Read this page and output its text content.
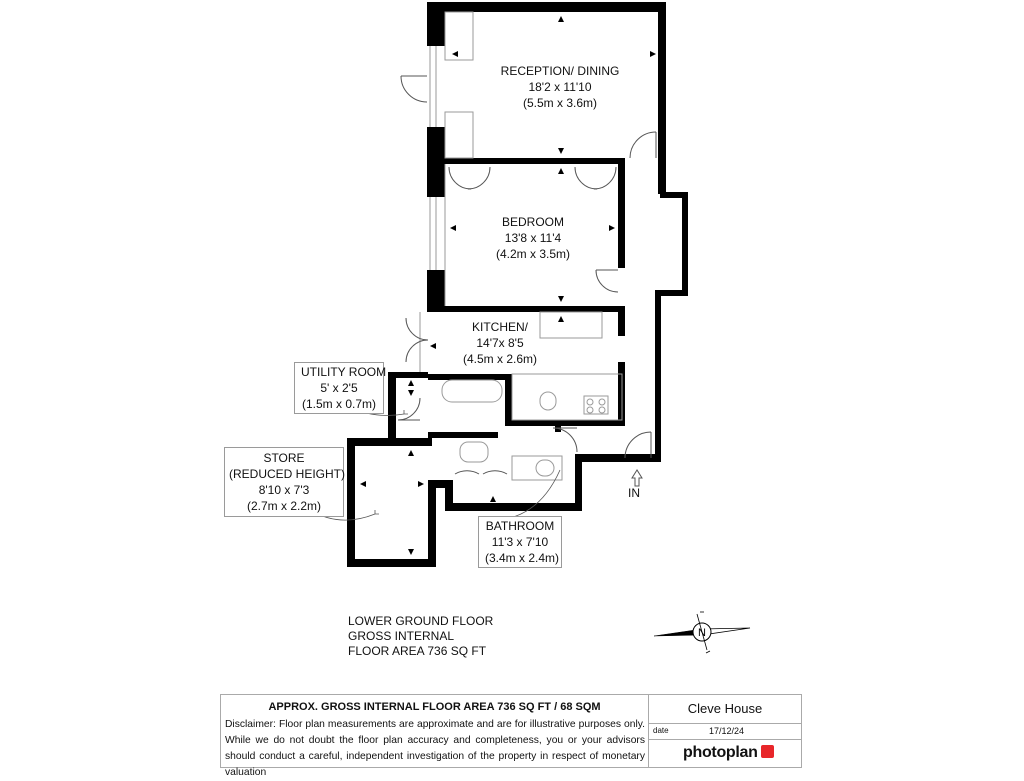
N
RECEPTION/ DINING
18'2 x 11'10
(5.5m x 3.6m)
BEDROOM
13'8 x 11'4
(4.2m x 3.5m)
KITCHEN/
14'7x 8'5
(4.5m x 2.6m)
UTILITY ROOM
5' x 2'5
(1.5m x 0.7m)
STORE
(REDUCED HEIGHT)
8'10 x 7'3
(2.7m x 2.2m)
BATHROOM
11'3 x 7'10
(3.4m x 2.4m)
IN
LOWER GROUND FLOOR
GROSS INTERNAL
FLOOR AREA 736 SQ FT
APPROX. GROSS INTERNAL FLOOR AREA 736 SQ FT / 68 SQM
Disclaimer: Floor plan measurements are approximate and are for illustrative purposes only. While we do not doubt the floor plan accuracy and completeness, you or your advisors should conduct a careful, independent investigation of the property in respect of monetary valuation
Cleve House
date	17/12/24
photoplan
